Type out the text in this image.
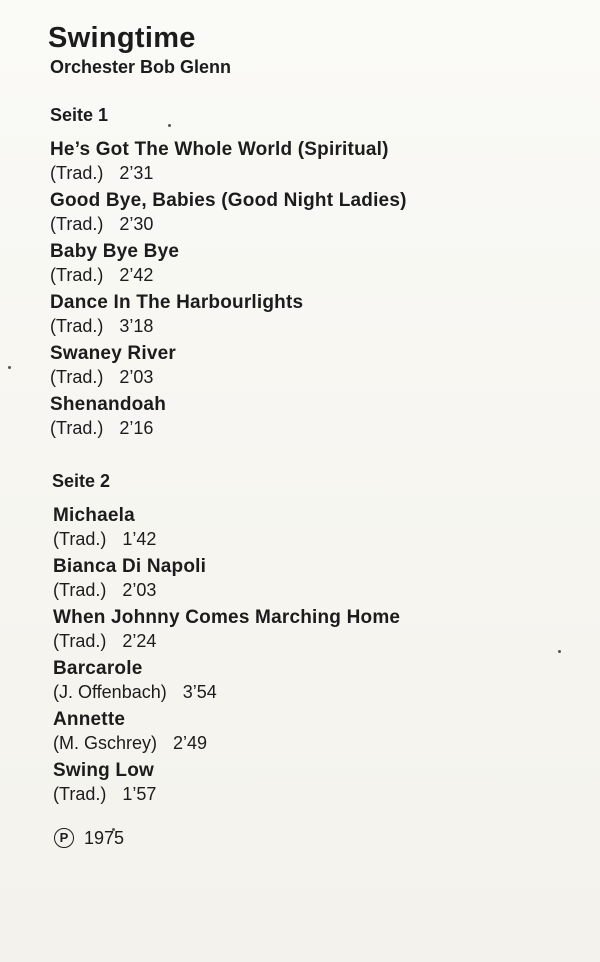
Swingtime
Orchester Bob Glenn
Seite 1
He’s Got The Whole World (Spiritual)
(Trad.) 2’31
Good Bye, Babies (Good Night Ladies)
(Trad.) 2’30
Baby Bye Bye
(Trad.) 2’42
Dance In The Harbourlights
(Trad.) 3’18
Swaney River
(Trad.) 2’03
Shenandoah
(Trad.) 2’16
Seite 2
Michaela
(Trad.) 1’42
Bianca Di Napoli
(Trad.) 2’03
When Johnny Comes Marching Home
(Trad.) 2’24
Barcarole
(J. Offenbach) 3’54
Annette
(M. Gschrey) 2’49
Swing Low
(Trad.) 1’57
P 1975
